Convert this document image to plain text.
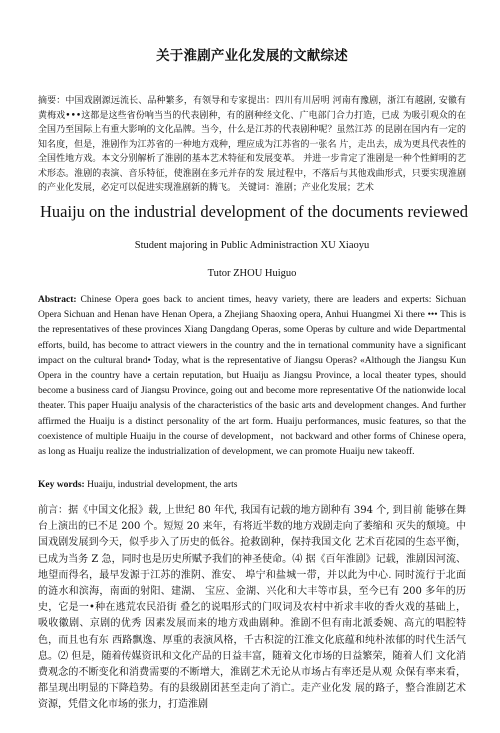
关于淮剧产业化发展的文献综述
摘要：中国戏剧源远流长、品种繁多，有领导和专家提出：四川有川居明 河南有豫剧，浙江有越剧, 安徽有黄梅戏•••这都是这些省份响当当的代表剧种，有的剧种经文化、广电部门合力打造，已成 为吸引观众的在全国乃至国际上有重大影响的文化品牌。当今，什么是江苏的代表剧种呢？虽然江苏 的昆剧在国内有一定的知名度，但是，淮剧作为江苏省的一种地方戏种，理应成为江苏省的一张名 片，走出去，成为更具代表性的全国性地方戏。本文分别解析了淮剧的基本艺术特征和发展变革。 并进一步肯定了淮剧是一种个性鲜明的艺术形态。淮剧的表演、音乐特征，使淮剧在多元并存的发 展过程中，不落后与其他戏曲形式，只要实现淮剧的产业化发展，必定可以促进实现淮剧新的腾飞。 关键词：淮剧；产业化发展；艺术
Huaiju on the industrial development of the documents reviewed
Student majoring in Public Administraction XU Xiaoyu
Tutor ZHOU Huiguo
Abstract: Chinese Opera goes back to ancient times, heavy variety, there are leaders and experts: Sichuan Opera Sichuan and Henan have Henan Opera, a Zhejiang Shaoxing opera, Anhui Huangmei Xi there ••• This is the representatives of these provinces Xiang Dangdang Operas, some Operas by culture and wide Departmental efforts, build, has become to attract viewers in the country and the in ternational community have a significant impact on the cultural brand• Today, what is the representative of Jiangsu Operas? «Although the Jiangsu Kun Opera in the country have a certain reputation, but Huaiju as Jiangsu Province, a local theater types, should become a business card of Jiangsu Province, going out and become more representative Of the nationwide local theater. This paper Huaiju analysis of the characteristics of the basic arts and development changes. And further affirmed the Huaiju is a distinct personality of the art form. Huaiju performances, music features, so that the coexistence of multiple Huaiju in the course of development，not backward and other forms of Chinese opera, as long as Huaiju realize the industrialization of development, we can promote Huaiju new takeoff.
Key words: Huaiju, industrial development, the arts
前言：据《中国文化报》载, 上世纪 80 年代, 我国有记载的地方剧种有 394 个, 到目前 能够在舞台上演出的已不足 200 个。短短 20 来年，有将近半数的地方戏剧走向了萎缩和 灭失的颓境。中国戏剧发展到今天，似乎步入了历史的低谷。抢救剧种，保持我国文化 艺术百花园的生态平衡，已成为当务 Z 急，同时也是历史所赋予我们的神圣使命。⑷ 据《百年淮剧》记载，淮剧因河流、地望而得名，最早发源于江苏的淮阴、淮安、 埠宁和盐城一带，并以此为中心. 同时流行于北面的涟水和滨海，南面的射阳、建湖、 宝应、金湖、兴化和大丰等市县，至今已有 200 多年的历史，它是一•种在逃荒农民沿街 叠乞的说唱形式的门叹词及农村中祈求丰收的香火戏的基础上，吸收徽剧、京剧的优秀 因素发展而来的地方戏曲剧种。淮剧不但有南北派委婉、高亢的唱腔特色，而且也有东 西路飘逸、厚重的表演风格，千古积淀的江淮文化底蕴和纯朴浓郁的时代生活气息。⑵ 但是，随着传媒资讯和文化产品的日益丰富，随着文化市场的日益繁荣，随着人们 文化消费观念的不断变化和消费需要的不断增大，淮剧艺术无论从市场占有率还是从观 众保有率来看，都呈现出明显的下降趋势。有的县级剧团甚至走向了消亡。走产业化发 展的路子，整合淮剧艺术资源，凭借文化市场的张力，打造淮剧
